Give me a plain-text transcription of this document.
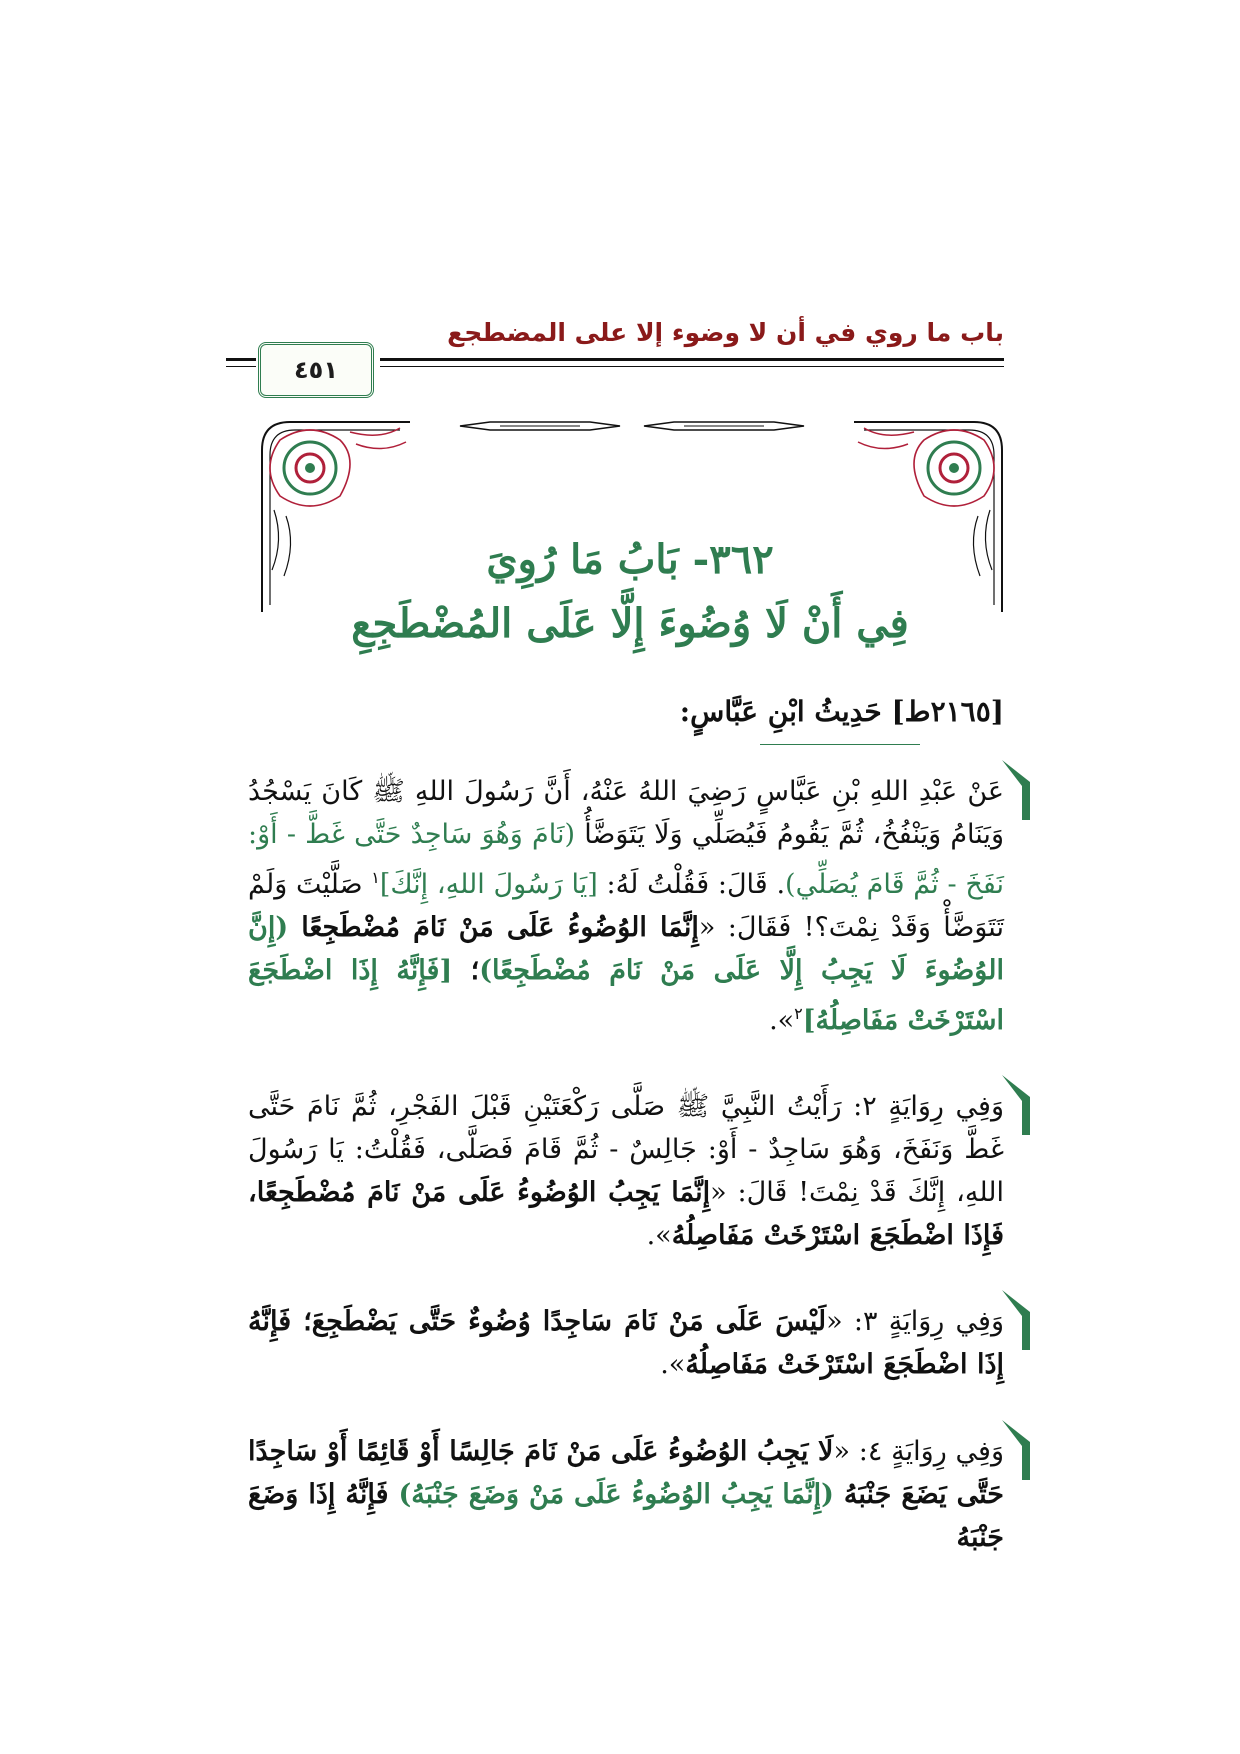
باب ما روي في أن لا وضوء إلا على المضطجع
٤٥١
٣٦٢- بَابُ مَا رُوِيَ
فِي أَنْ لَا وُضُوءَ إِلَّا عَلَى المُضْطَجِعِ
[٢١٦٥ط] حَدِيثُ ابْنِ عَبَّاسٍ:
عَنْ عَبْدِ اللهِ بْنِ عَبَّاسٍ رَضِيَ اللهُ عَنْهُ، أَنَّ رَسُولَ اللهِ ﷺ كَانَ يَسْجُدُ وَيَنَامُ وَيَنْفُخُ، ثُمَّ يَقُومُ فَيُصَلِّي وَلَا يَتَوَضَّأُ (نَامَ وَهُوَ سَاجِدٌ حَتَّى غَطَّ - أَوْ: نَفَخَ - ثُمَّ قَامَ يُصَلِّي). قَالَ: فَقُلْتُ لَهُ: [يَا رَسُولَ اللهِ، إِنَّكَ]$^١$ صَلَّيْتَ وَلَمْ تَتَوَضَّأْ وَقَدْ نِمْتَ؟! فَقَالَ: «إِنَّمَا الوُضُوءُ عَلَى مَنْ نَامَ مُضْطَجِعًا (إِنَّ الوُضُوءَ لَا يَجِبُ إِلَّا عَلَى مَنْ نَامَ مُضْطَجِعًا)؛ [فَإِنَّهُ إِذَا اضْطَجَعَ اسْتَرْخَتْ مَفَاصِلُهُ]$^٢$».
وَفِي رِوَايَةٍ ٢: رَأَيْتُ النَّبِيَّ ﷺ صَلَّى رَكْعَتَيْنِ قَبْلَ الفَجْرِ، ثُمَّ نَامَ حَتَّى غَطَّ وَنَفَخَ، وَهُوَ سَاجِدٌ - أَوْ: جَالِسٌ - ثُمَّ قَامَ فَصَلَّى، فَقُلْتُ: يَا رَسُولَ اللهِ، إِنَّكَ قَدْ نِمْتَ! قَالَ: «إِنَّمَا يَجِبُ الوُضُوءُ عَلَى مَنْ نَامَ مُضْطَجِعًا، فَإِذَا اضْطَجَعَ اسْتَرْخَتْ مَفَاصِلُهُ».
وَفِي رِوَايَةٍ ٣: «لَيْسَ عَلَى مَنْ نَامَ سَاجِدًا وُضُوءٌ حَتَّى يَضْطَجِعَ؛ فَإِنَّهُ إِذَا اضْطَجَعَ اسْتَرْخَتْ مَفَاصِلُهُ».
وَفِي رِوَايَةٍ ٤: «لَا يَجِبُ الوُضُوءُ عَلَى مَنْ نَامَ جَالِسًا أَوْ قَائِمًا أَوْ سَاجِدًا حَتَّى يَضَعَ جَنْبَهُ (إِنَّمَا يَجِبُ الوُضُوءُ عَلَى مَنْ وَضَعَ جَنْبَهُ) فَإِنَّهُ إِذَا وَضَعَ جَنْبَهُ
